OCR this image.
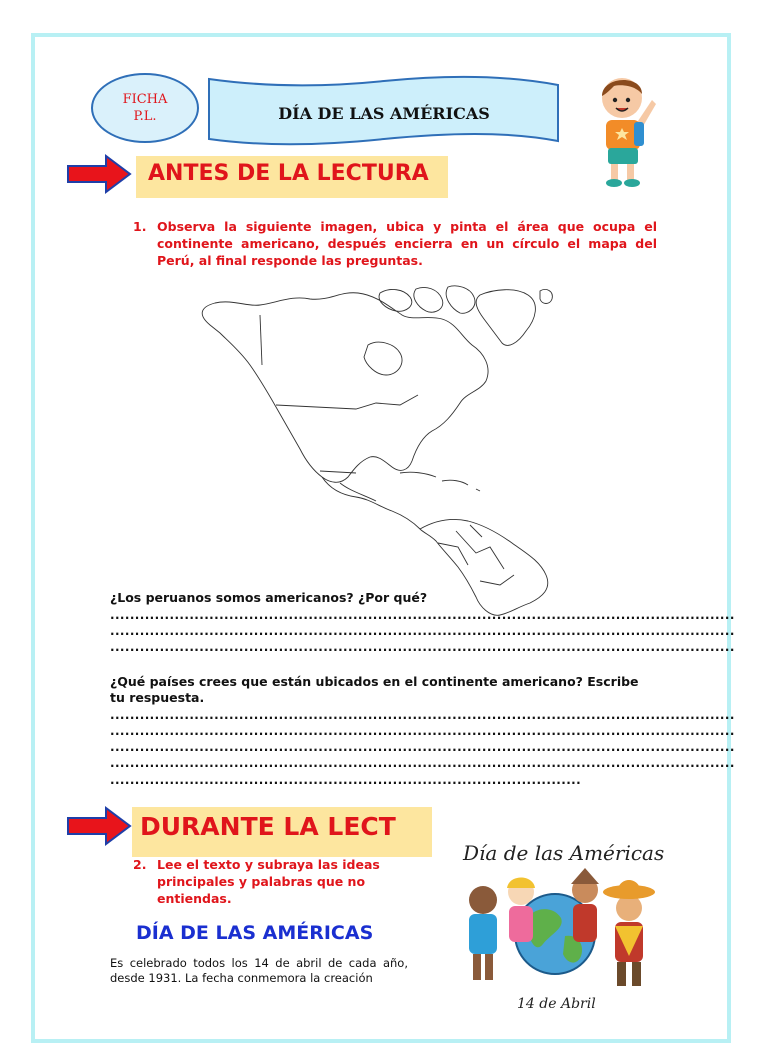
FICHA
P.L.	DÍA DE LAS AMÉRICAS
ANTES DE LA LECTURA
1. Observa la siguiente imagen, ubica y pinta el área que ocupa el continente americano, después encierra en un círculo el mapa del Perú, al final responde las preguntas.
¿Los peruanos somos americanos? ¿Por qué?
..............................................................................................................................
..............................................................................................................................
..............................................................................................................................
¿Qué países crees que están ubicados en el continente americano? Escribe tu respuesta.
..............................................................................................................................
..............................................................................................................................
..............................................................................................................................
..............................................................................................................................
...............................................................................................
DURANTE LA LECT
2. Lee el texto y subraya las ideas principales y palabras que no entiendas.
DÍA DE LAS AMÉRICAS
Es celebrado todos los 14 de abril de cada año, desde 1931. La fecha conmemora la creación
Día de las Américas
14 de Abril
